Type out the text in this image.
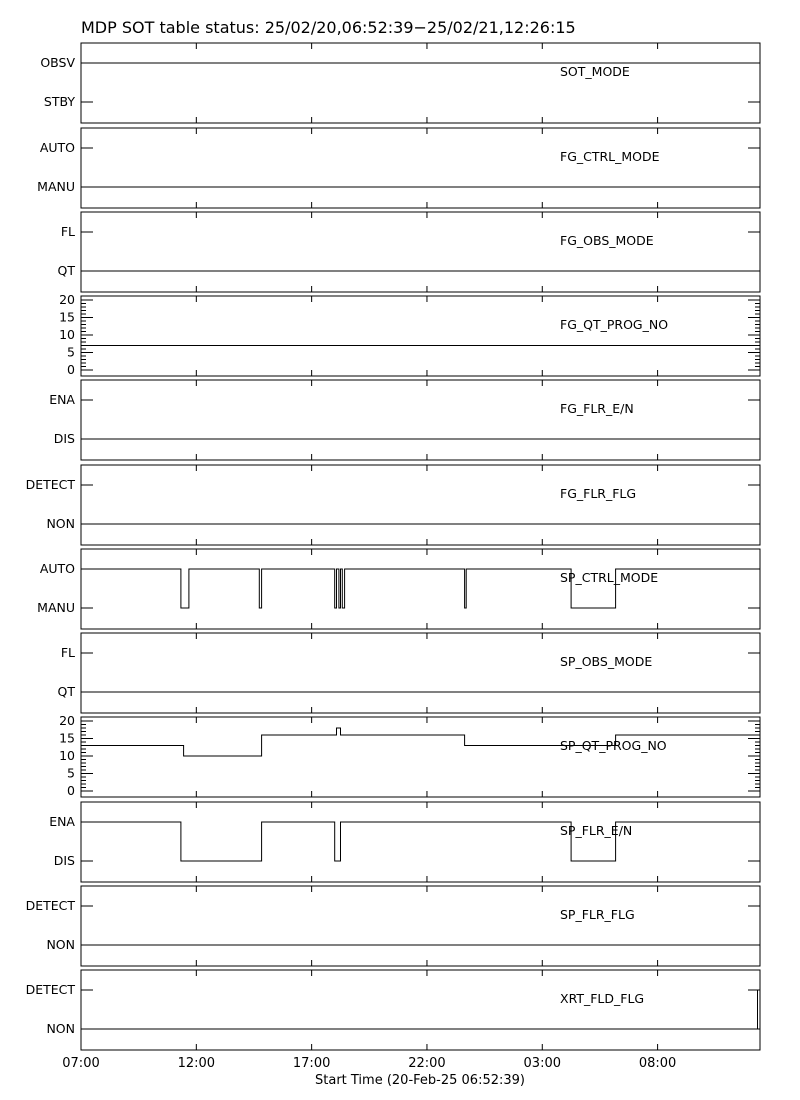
MDP SOT table status: 25/02/20,06:52:39−25/02/21,12:26:15
OBSV
STBY
SOT_MODE
AUTO
MANU
FG_CTRL_MODE
FL
QT
FG_OBS_MODE
0
5
10
15
20
FG_QT_PROG_NO
ENA
DIS
FG_FLR_E/N
DETECT
NON
FG_FLR_FLG
AUTO
MANU
SP_CTRL_MODE
FL
QT
SP_OBS_MODE
0
5
10
15
20
SP_QT_PROG_NO
ENA
DIS
SP_FLR_E/N
DETECT
NON
SP_FLR_FLG
DETECT
NON
XRT_FLD_FLG
07:00	12:00	17:00	22:00	03:00	08:00
Start Time (20-Feb-25 06:52:39)
